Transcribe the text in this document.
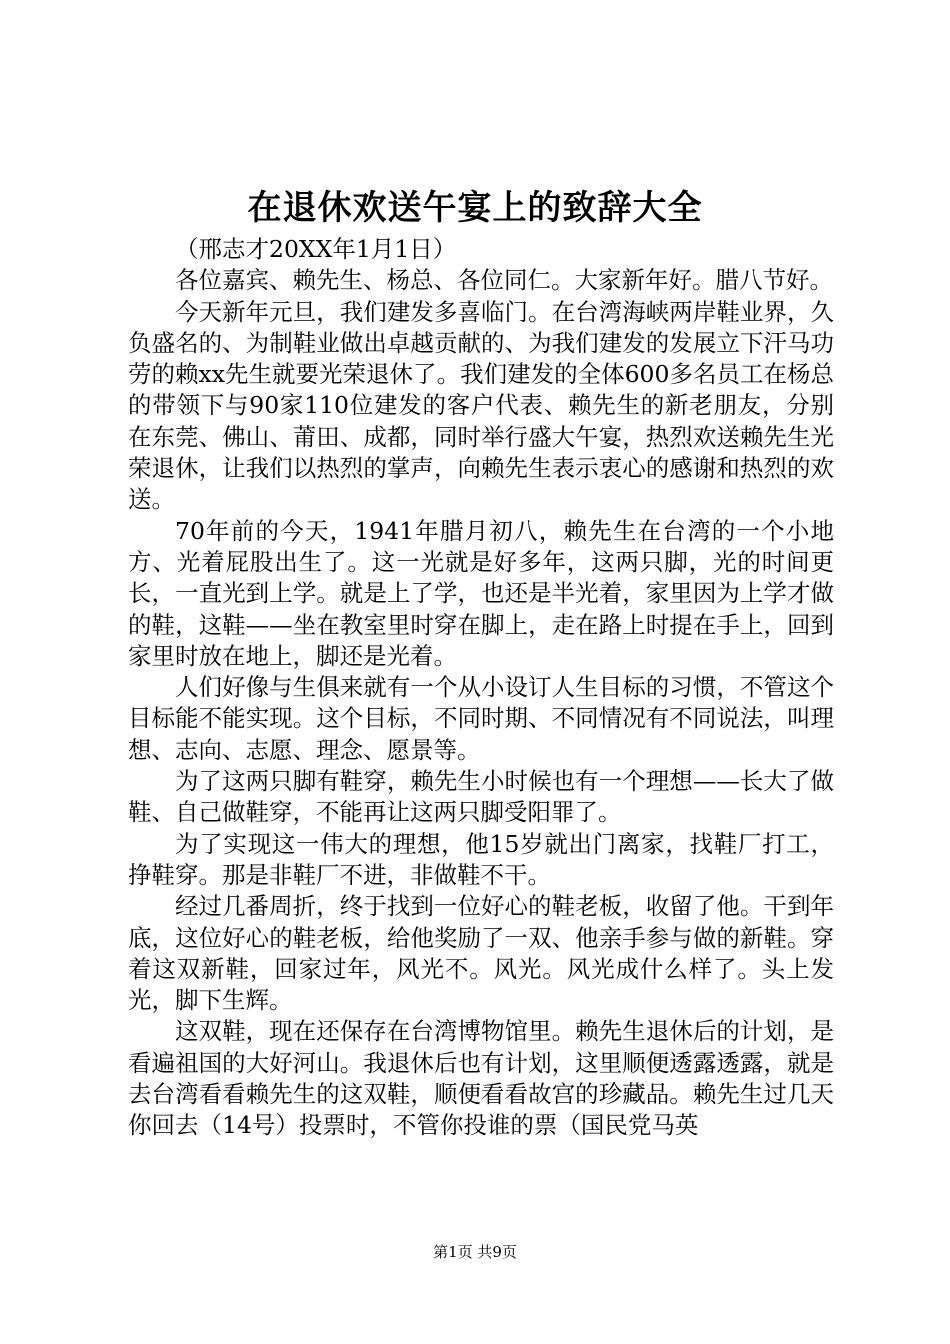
在退休欢送午宴上的致辞大全

（邢志才20XX年1月1日）

各位嘉宾、赖先生、杨总、各位同仁。大家新年好。腊八节好。

今天新年元旦，我们建发多喜临门。在台湾海峡两岸鞋业界，久负盛名的、为制鞋业做出卓越贡献的、为我们建发的发展立下汗马功劳的赖xx先生就要光荣退休了。我们建发的全体600多名员工在杨总的带领下与90家110位建发的客户代表、赖先生的新老朋友，分别在东莞、佛山、莆田、成都，同时举行盛大午宴，热烈欢送赖先生光荣退休，让我们以热烈的掌声，向赖先生表示衷心的感谢和热烈的欢送。

70年前的今天，1941年腊月初八，赖先生在台湾的一个小地方、光着屁股出生了。这一光就是好多年，这两只脚，光的时间更长，一直光到上学。就是上了学，也还是半光着，家里因为上学才做的鞋，这鞋——坐在教室里时穿在脚上，走在路上时提在手上，回到家里时放在地上，脚还是光着。

人们好像与生俱来就有一个从小设订人生目标的习惯，不管这个目标能不能实现。这个目标，不同时期、不同情况有不同说法，叫理想、志向、志愿、理念、愿景等。

为了这两只脚有鞋穿，赖先生小时候也有一个理想——长大了做鞋、自己做鞋穿，不能再让这两只脚受阳罪了。

为了实现这一伟大的理想，他15岁就出门离家，找鞋厂打工，挣鞋穿。那是非鞋厂不进，非做鞋不干。

经过几番周折，终于找到一位好心的鞋老板，收留了他。干到年底，这位好心的鞋老板，给他奖励了一双、他亲手参与做的新鞋。穿着这双新鞋，回家过年，风光不。风光。风光成什么样了。头上发光，脚下生辉。

这双鞋，现在还保存在台湾博物馆里。赖先生退休后的计划，是看遍祖国的大好河山。我退休后也有计划，这里顺便透露透露，就是去台湾看看赖先生的这双鞋，顺便看看故宫的珍藏品。赖先生过几天你回去（14号）投票时，不管你投谁的票（国民党马英

第1页 共9页
